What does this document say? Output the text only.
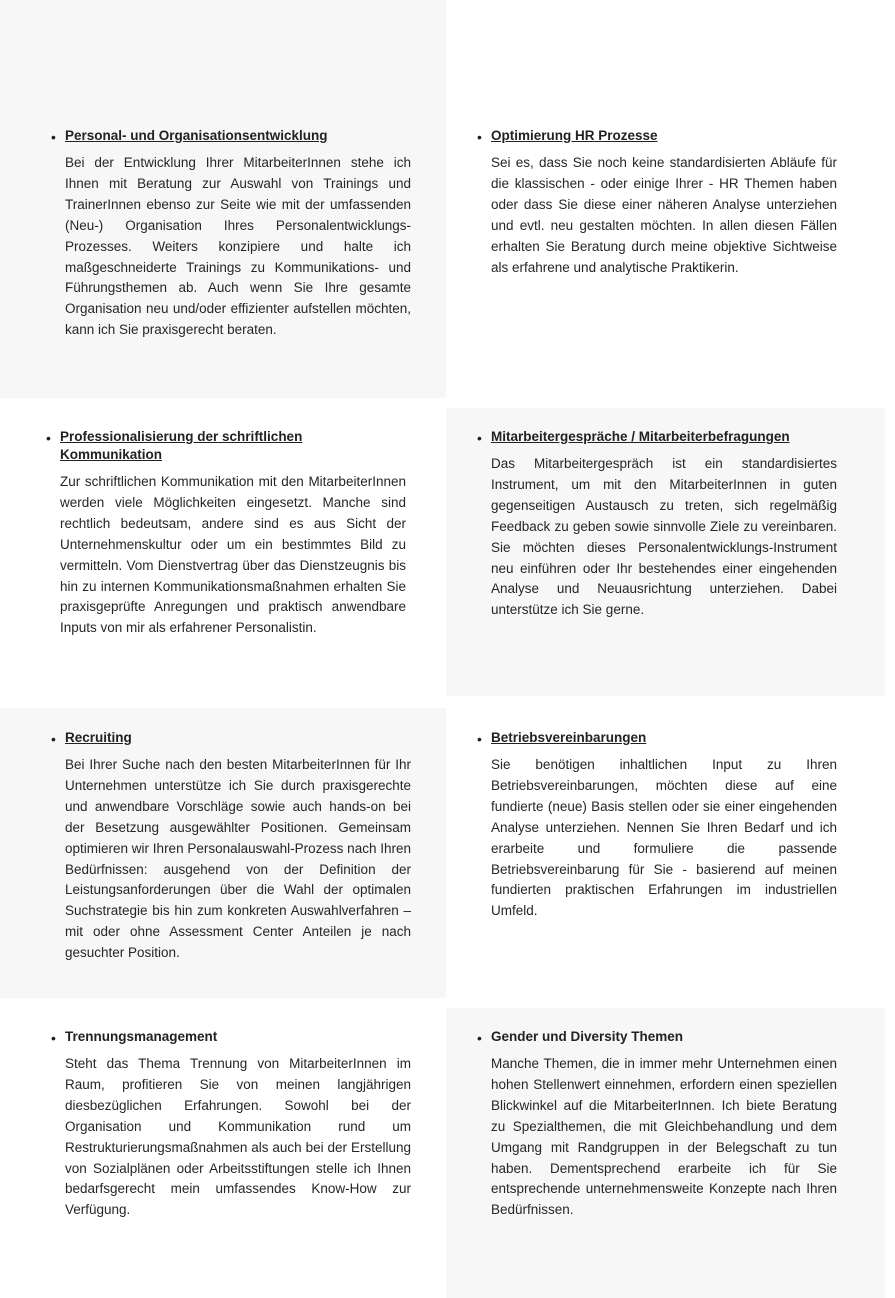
• Personal- und Organisationsentwicklung

Bei der Entwicklung Ihrer MitarbeiterInnen stehe ich Ihnen mit Beratung zur Auswahl von Trainings und TrainerInnen ebenso zur Seite wie mit der umfassenden (Neu-) Organisation Ihres Personalentwicklungs-Prozesses. Weiters konzipiere und halte ich maßgeschneiderte Trainings zu Kommunikations- und Führungsthemen ab. Auch wenn Sie Ihre gesamte Organisation neu und/oder effizienter aufstellen möchten, kann ich Sie praxisgerecht beraten.

• Optimierung HR Prozesse

Sei es, dass Sie noch keine standardisierten Abläufe für die klassischen - oder einige Ihrer - HR Themen haben oder dass Sie diese einer näheren Analyse unterziehen und evtl. neu gestalten möchten. In allen diesen Fällen erhalten Sie Beratung durch meine objektive Sichtweise als erfahrene und analytische Praktikerin.

• Professionalisierung der schriftlichen Kommunikation

Zur schriftlichen Kommunikation mit den MitarbeiterInnen werden viele Möglichkeiten eingesetzt. Manche sind rechtlich bedeutsam, andere sind es aus Sicht der Unternehmenskultur oder um ein bestimmtes Bild zu vermitteln. Vom Dienstvertrag über das Dienstzeugnis bis hin zu internen Kommunikationsmaßnahmen erhalten Sie praxisgeprüfte Anregungen und praktisch anwendbare Inputs von mir als erfahrener Personalistin.

• Mitarbeitergespräche / Mitarbeiterbefragungen

Das Mitarbeitergespräch ist ein standardisiertes Instrument, um mit den MitarbeiterInnen in guten gegenseitigen Austausch zu treten, sich regelmäßig Feedback zu geben sowie sinnvolle Ziele zu vereinbaren. Sie möchten dieses Personalentwicklungs-Instrument neu einführen oder Ihr bestehendes einer eingehenden Analyse und Neuausrichtung unterziehen. Dabei unterstütze ich Sie gerne.

• Recruiting

Bei Ihrer Suche nach den besten MitarbeiterInnen für Ihr Unternehmen unterstütze ich Sie durch praxisgerechte und anwendbare Vorschläge sowie auch hands-on bei der Besetzung ausgewählter Positionen. Gemeinsam optimieren wir Ihren Personalauswahl-Prozess nach Ihren Bedürfnissen: ausgehend von der Definition der Leistungsanforderungen über die Wahl der optimalen Suchstrategie bis hin zum konkreten Auswahlverfahren – mit oder ohne Assessment Center Anteilen je nach gesuchter Position.

• Betriebsvereinbarungen

Sie benötigen inhaltlichen Input zu Ihren Betriebsvereinbarungen, möchten diese auf eine fundierte (neue) Basis stellen oder sie einer eingehenden Analyse unterziehen. Nennen Sie Ihren Bedarf und ich erarbeite und formuliere die passende Betriebsvereinbarung für Sie - basierend auf meinen fundierten praktischen Erfahrungen im industriellen Umfeld.

• Trennungsmanagement

Steht das Thema Trennung von MitarbeiterInnen im Raum, profitieren Sie von meinen langjährigen diesbezüglichen Erfahrungen. Sowohl bei der Organisation und Kommunikation rund um Restrukturierungsmaßnahmen als auch bei der Erstellung von Sozialplänen oder Arbeitsstiftungen stelle ich Ihnen bedarfsgerecht mein umfassendes Know-How zur Verfügung.

• Gender und Diversity Themen

Manche Themen, die in immer mehr Unternehmen einen hohen Stellenwert einnehmen, erfordern einen speziellen Blickwinkel auf die MitarbeiterInnen. Ich biete Beratung zu Spezialthemen, die mit Gleichbehandlung und dem Umgang mit Randgruppen in der Belegschaft zu tun haben. Dementsprechend erarbeite ich für Sie entsprechende unternehmensweite Konzepte nach Ihren Bedürfnissen.
